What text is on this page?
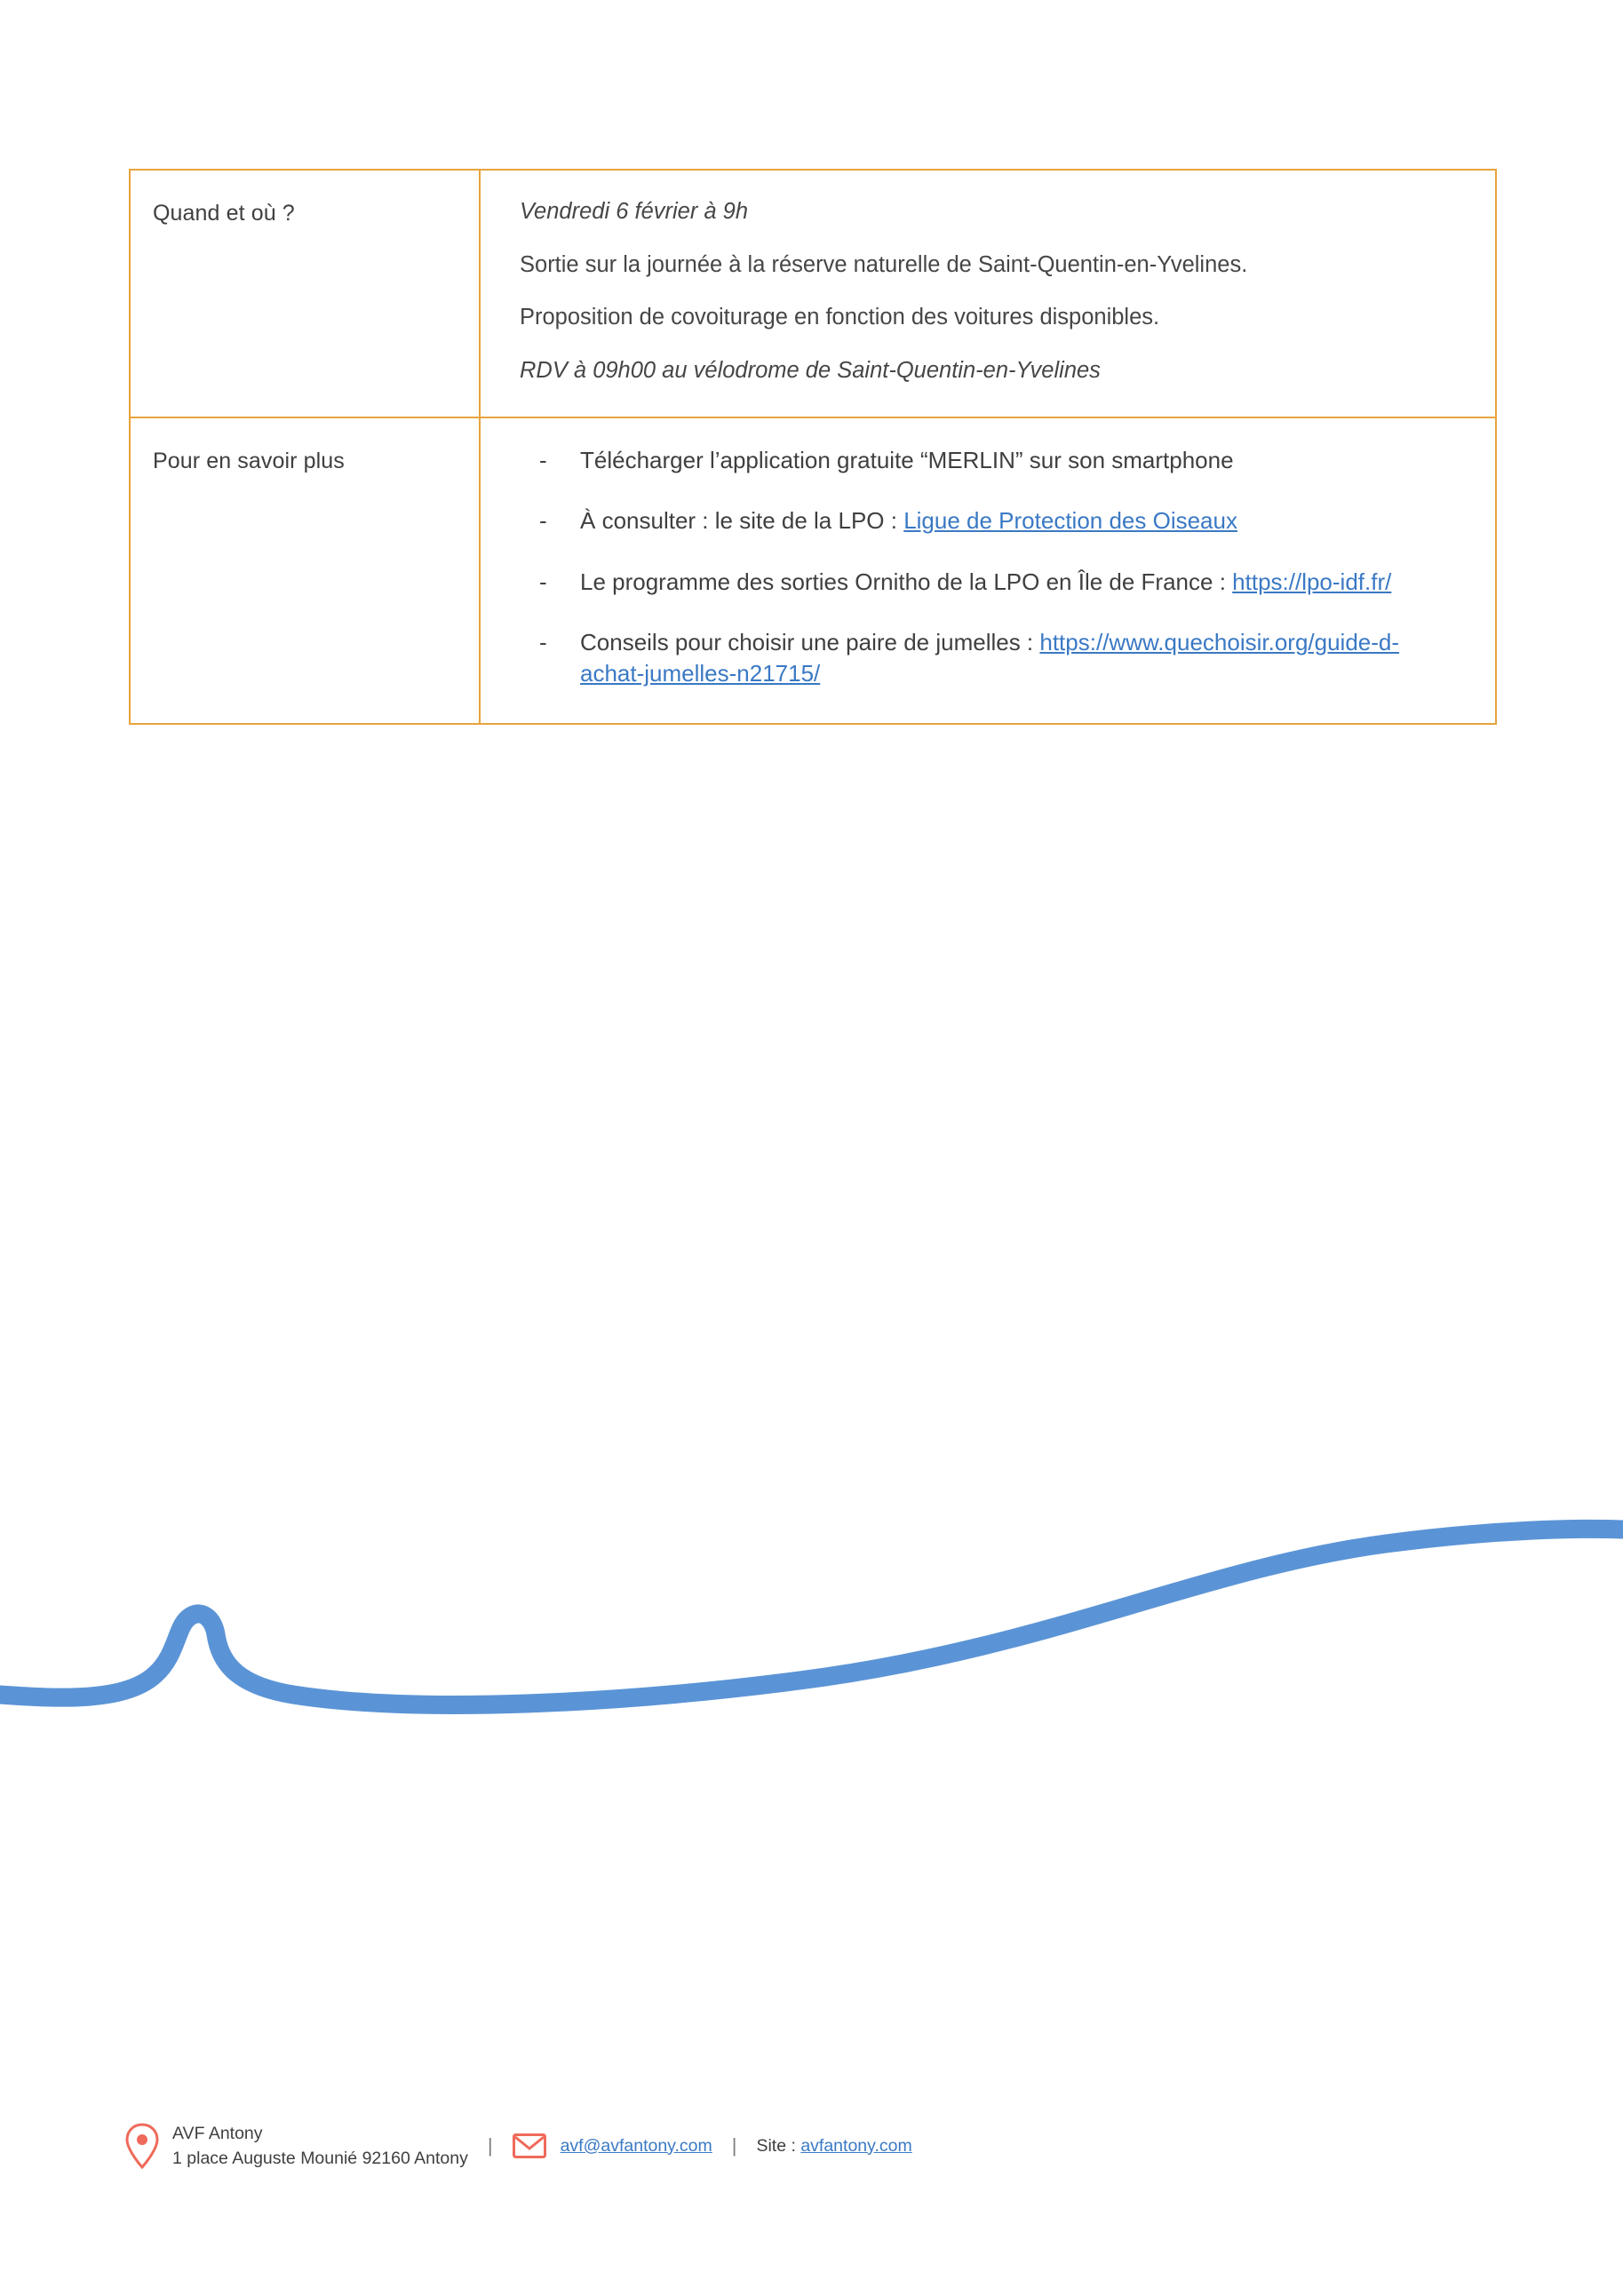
Quand et où ?	Vendredi 6 février à 9h

Sortie sur la journée à la réserve naturelle de Saint-Quentin-en-Yvelines.

Proposition de covoiturage en fonction des voitures disponibles.

RDV à 09h00 au vélodrome de Saint-Quentin-en-Yvelines

Pour en savoir plus	- Télécharger l’application gratuite “MERLIN” sur son smartphone
- À consulter : le site de la LPO : Ligue de Protection des Oiseaux
- Le programme des sorties Ornitho de la LPO en Île de France : https://lpo-idf.fr/
- Conseils pour choisir une paire de jumelles : https://www.quechoisir.org/guide-d-achat-jumelles-n21715/
AVF Antony
1 place Auguste Mounié 92160 Antony
|	avf@avfantony.com | Site :
avfantony.com
